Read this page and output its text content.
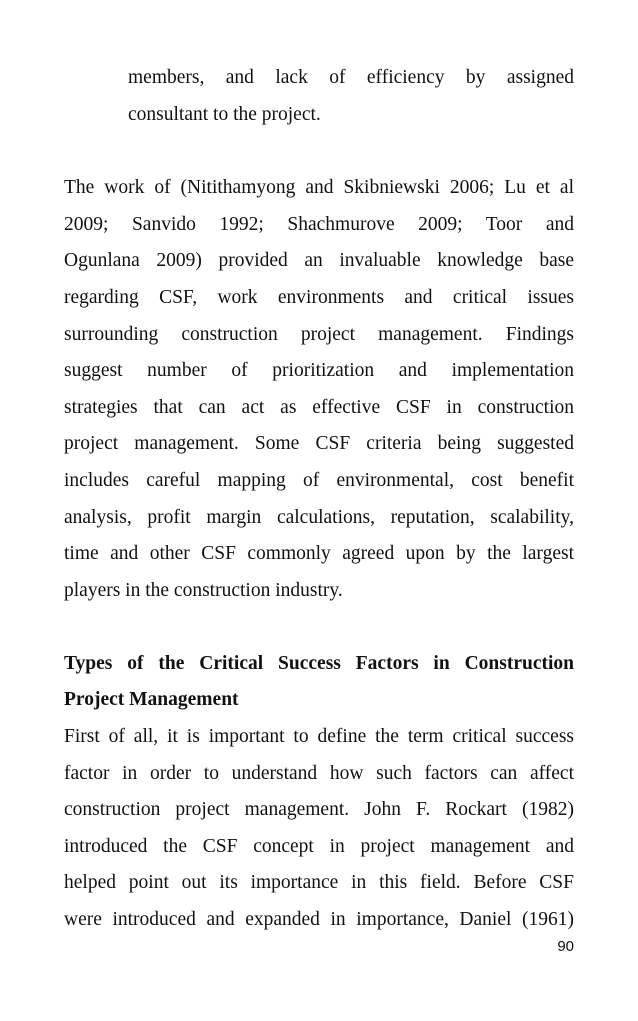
members, and lack of efficiency by assigned
consultant to the project.
The work of (Nitithamyong and Skibniewski 2006; Lu et al
2009; Sanvido 1992; Shachmurove 2009; Toor and
Ogunlana 2009) provided an invaluable knowledge base
regarding CSF, work environments and critical issues
surrounding construction project management. Findings
suggest number of prioritization and implementation
strategies that can act as effective CSF in construction
project management. Some CSF criteria being suggested
includes careful mapping of environmental, cost benefit
analysis, profit margin calculations, reputation, scalability,
time and other CSF commonly agreed upon by the largest
players in the construction industry.
Types of the Critical Success Factors in Construction
Project Management
First of all, it is important to define the term critical success
factor in order to understand how such factors can affect
construction project management. John F. Rockart (1982)
introduced the CSF concept in project management and
helped point out its importance in this field. Before CSF
were introduced and expanded in importance, Daniel (1961)
90
